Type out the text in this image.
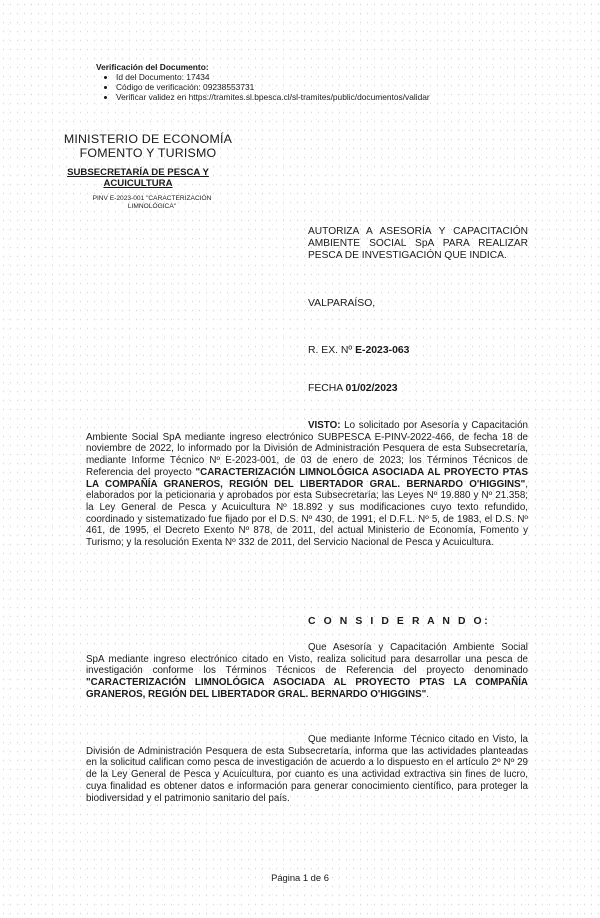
Verificación del Documento:
• Id del Documento: 17434
• Código de verificación: 09238553731
• Verificar validez en https://tramites.sl.bpesca.cl/sl-tramites/public/documentos/validar
MINISTERIO DE ECONOMÍA
FOMENTO Y TURISMO
SUBSECRETARÍA DE PESCA Y
ACUICULTURA
PINV E-2023-001 "CARACTERIZACIÓN
LIMNOLÓGICA"
AUTORIZA A ASESORÍA Y CAPACITACIÓN AMBIENTE SOCIAL SpA PARA REALIZAR PESCA DE INVESTIGACIÓN QUE INDICA.
VALPARAÍSO,
R. EX. Nº E-2023-063
FECHA 01/02/2023
VISTO: Lo solicitado por Asesoría y Capacitación Ambiente Social SpA mediante ingreso electrónico SUBPESCA E-PINV-2022-466, de fecha 18 de noviembre de 2022, lo informado por la División de Administración Pesquera de esta Subsecretaría, mediante Informe Técnico Nº E-2023-001, de 03 de enero de 2023; los Términos Técnicos de Referencia del proyecto "CARACTERIZACIÓN LIMNOLÓGICA ASOCIADA AL PROYECTO PTAS LA COMPAÑÍA GRANEROS, REGIÓN DEL LIBERTADOR GRAL. BERNARDO O'HIGGINS", elaborados por la peticionaria y aprobados por esta Subsecretaría; las Leyes Nº 19.880 y Nº 21.358; la Ley General de Pesca y Acuicultura Nº 18.892 y sus modificaciones cuyo texto refundido, coordinado y sistematizado fue fijado por el D.S. Nº 430, de 1991, el D.F.L. Nº 5, de 1983, el D.S. Nº 461, de 1995, el Decreto Exento Nº 878, de 2011, del actual Ministerio de Economía, Fomento y Turismo; y la resolución Exenta Nº 332 de 2011, del Servicio Nacional de Pesca y Acuicultura.
C O N S I D E R A N D O:
Que Asesoría y Capacitación Ambiente Social SpA mediante ingreso electrónico citado en Visto, realiza solicitud para desarrollar una pesca de investigación conforme los Términos Técnicos de Referencia del proyecto denominado "CARACTERIZACIÓN LIMNOLÓGICA ASOCIADA AL PROYECTO PTAS LA COMPAÑÍA GRANEROS, REGIÓN DEL LIBERTADOR GRAL. BERNARDO O'HIGGINS".
Que mediante Informe Técnico citado en Visto, la División de Administración Pesquera de esta Subsecretaría, informa que las actividades planteadas en la solicitud califican como pesca de investigación de acuerdo a lo dispuesto en el artículo 2º Nº 29 de la Ley General de Pesca y Acuicultura, por cuanto es una actividad extractiva sin fines de lucro, cuya finalidad es obtener datos e información para generar conocimiento científico, para proteger la biodiversidad y el patrimonio sanitario del país.
Página 1 de 6
